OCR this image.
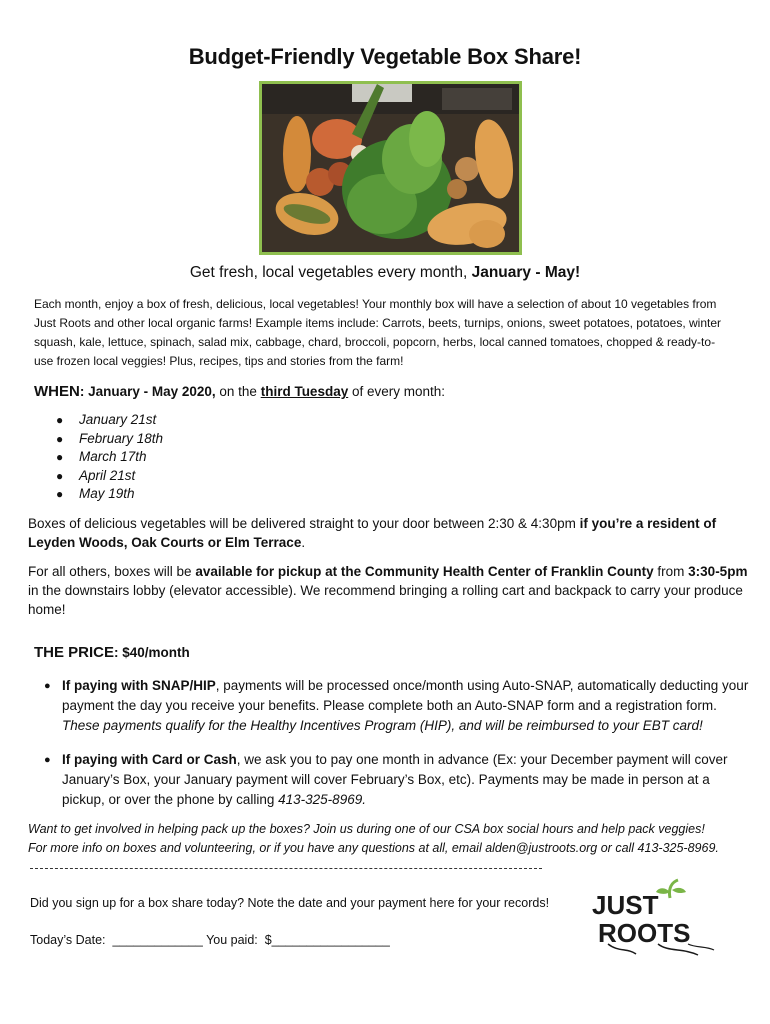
Budget-Friendly Vegetable Box Share!

Get fresh, local vegetables every month, January - May!

Each month, enjoy a box of fresh, delicious, local vegetables! Your monthly box will have a selection of about 10 vegetables from Just Roots and other local organic farms! Example items include: Carrots, beets, turnips, onions, sweet potatoes, potatoes, winter squash, kale, lettuce, spinach, salad mix, cabbage, chard, broccoli, popcorn, herbs, local canned tomatoes, chopped & ready-to-use frozen local veggies! Plus, recipes, tips and stories from the farm!

WHEN: January - May 2020, on the third Tuesday of every month:

● January 21st
● February 18th
● March 17th
● April 21st
● May 19th

Boxes of delicious vegetables will be delivered straight to your door between 2:30 & 4:30pm if you’re a resident of Leyden Woods, Oak Courts or Elm Terrace.

For all others, boxes will be available for pickup at the Community Health Center of Franklin County from 3:30-5pm in the downstairs lobby (elevator accessible). We recommend bringing a rolling cart and backpack to carry your produce home!

THE PRICE: $40/month

● If paying with SNAP/HIP, payments will be processed once/month using Auto-SNAP, automatically deducting your payment the day you receive your benefits. Please complete both an Auto-SNAP form and a registration form. These payments qualify for the Healthy Incentives Program (HIP), and will be reimbursed to your EBT card!

● If paying with Card or Cash, we ask you to pay one month in advance (Ex: your December payment will cover January’s Box, your January payment will cover February’s Box, etc). Payments may be made in person at a pickup, or over the phone by calling 413-325-8969.

Want to get involved in helping pack up the boxes? Join us during one of our CSA box social hours and help pack veggies!

For more info on boxes and volunteering, or if you have any questions at all, email alden@justroots.org or call 413-325-8969.

Did you sign up for a box share today? Note the date and your payment here for your records!

Today’s Date:  _____________ You paid:  $_________________

JUST
ROOTS
